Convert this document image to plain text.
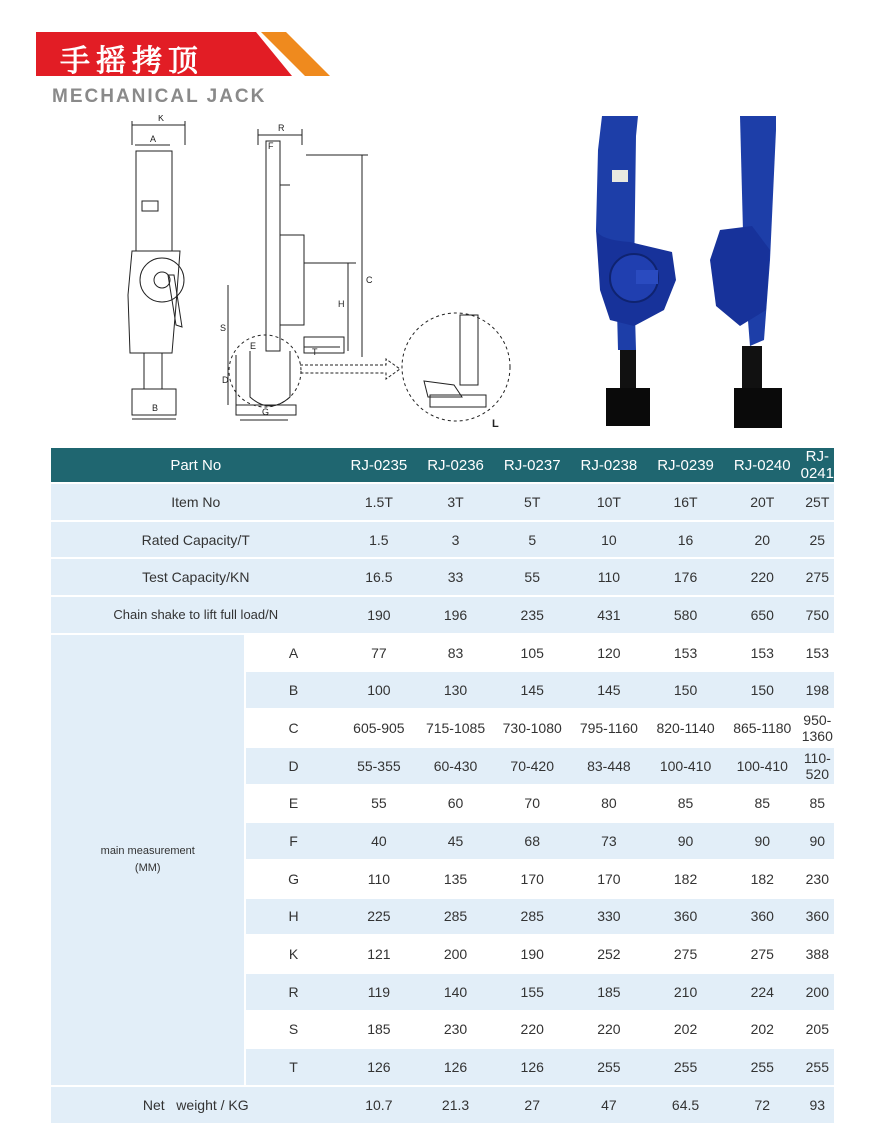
手摇拷顶
MECHANICAL JACK
K
A
B
R
F
C
H
S
E
T
D
G
L
Part No		RJ-0235	RJ-0236	RJ-0237	RJ-0238	RJ-0239	RJ-0240	RJ-0241
Item No		1.5T	3T	5T	10T	16T	20T	25T
Rated Capacity/T		1.5	3	5	10	16	20	25
Test Capacity/KN		16.5	33	55	110	176	220	275
Chain shake to lift full load/N		190	196	235	431	580	650	750

main measurement
(MM)	A	77	83	105	120	153	153	153
	B	100	130	145	145	150	150	198
	C	605-905	715-1085	730-1080	795-1160	820-1140	865-1180	950-1360
	D	55-355	60-430	70-420	83-448	100-410	100-410	110-520
	E	55	60	70	80	85	85	85
	F	40	45	68	73	90	90	90
	G	110	135	170	170	182	182	230
	H	225	285	285	330	360	360	360
	K	121	200	190	252	275	275	388
	R	119	140	155	185	210	224	200
	S	185	230	220	220	202	202	205
	T	126	126	126	255	255	255	255
Net   weight / KG		10.7	21.3	27	47	64.5	72	93
